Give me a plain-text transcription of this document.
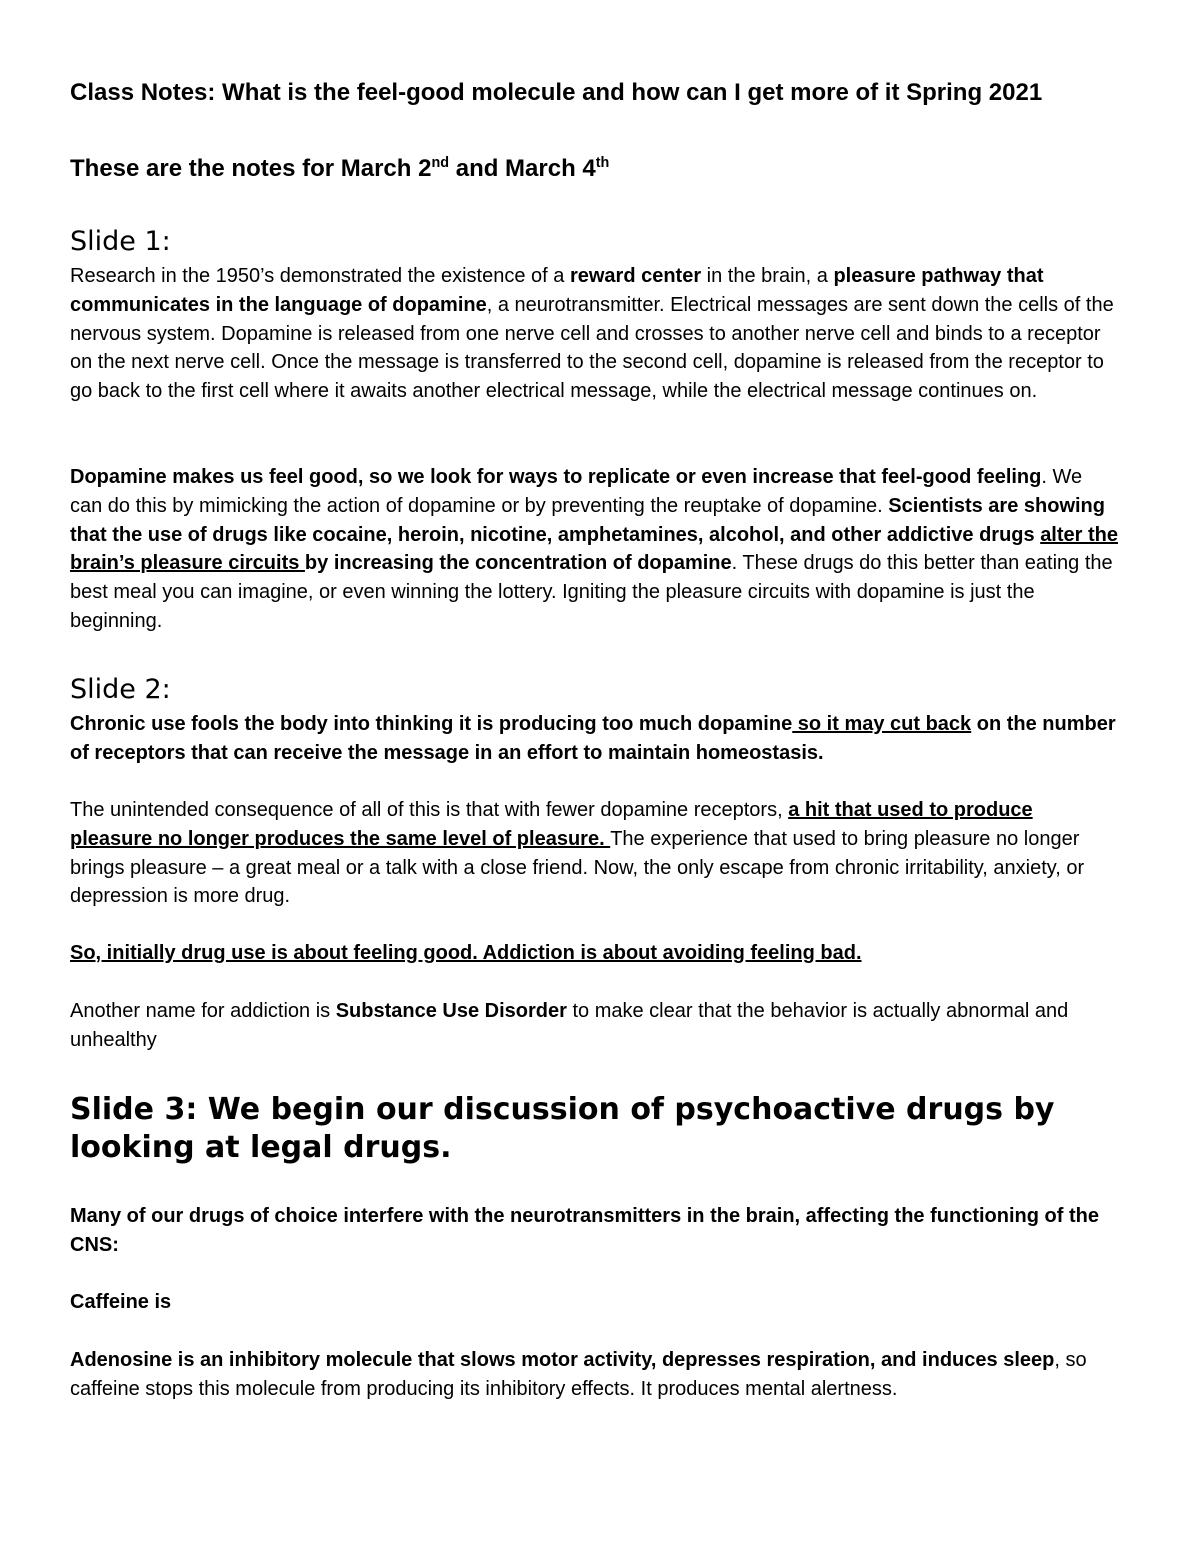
Class Notes: What is the feel-good molecule and how can I get more of it Spring 2021
These are the notes for March 2nd and March 4th
Slide 1:

Research in the 1950’s demonstrated the existence of a reward center in the brain, a pleasure pathway that communicates in the language of dopamine, a neurotransmitter. Electrical messages are sent down the cells of the nervous system. Dopamine is released from one nerve cell and crosses to another nerve cell and binds to a receptor on the next nerve cell. Once the message is transferred to the second cell, dopamine is released from the receptor to go back to the first cell where it awaits another electrical message, while the electrical message continues on.

Dopamine makes us feel good, so we look for ways to replicate or even increase that feel-good feeling. We can do this by mimicking the action of dopamine or by preventing the reuptake of dopamine. Scientists are showing that the use of drugs like cocaine, heroin, nicotine, amphetamines, alcohol, and other addictive drugs alter the brain’s pleasure circuits by increasing the concentration of dopamine. These drugs do this better than eating the best meal you can imagine, or even winning the lottery. Igniting the pleasure circuits with dopamine is just the beginning.

Slide 2:

Chronic use fools the body into thinking it is producing too much dopamine so it may cut back on the number of receptors that can receive the message in an effort to maintain homeostasis.

The unintended consequence of all of this is that with fewer dopamine receptors, a hit that used to produce pleasure no longer produces the same level of pleasure. The experience that used to bring pleasure no longer brings pleasure – a great meal or a talk with a close friend. Now, the only escape from chronic irritability, anxiety, or depression is more drug.

So, initially drug use is about feeling good. Addiction is about avoiding feeling bad.

Another name for addiction is Substance Use Disorder to make clear that the behavior is actually abnormal and unhealthy

Slide 3: We begin our discussion of psychoactive drugs by looking at legal drugs.

Many of our drugs of choice interfere with the neurotransmitters in the brain, affecting the functioning of the CNS:

Caffeine is

Adenosine is an inhibitory molecule that slows motor activity, depresses respiration, and induces sleep, so caffeine stops this molecule from producing its inhibitory effects. It produces mental alertness.
